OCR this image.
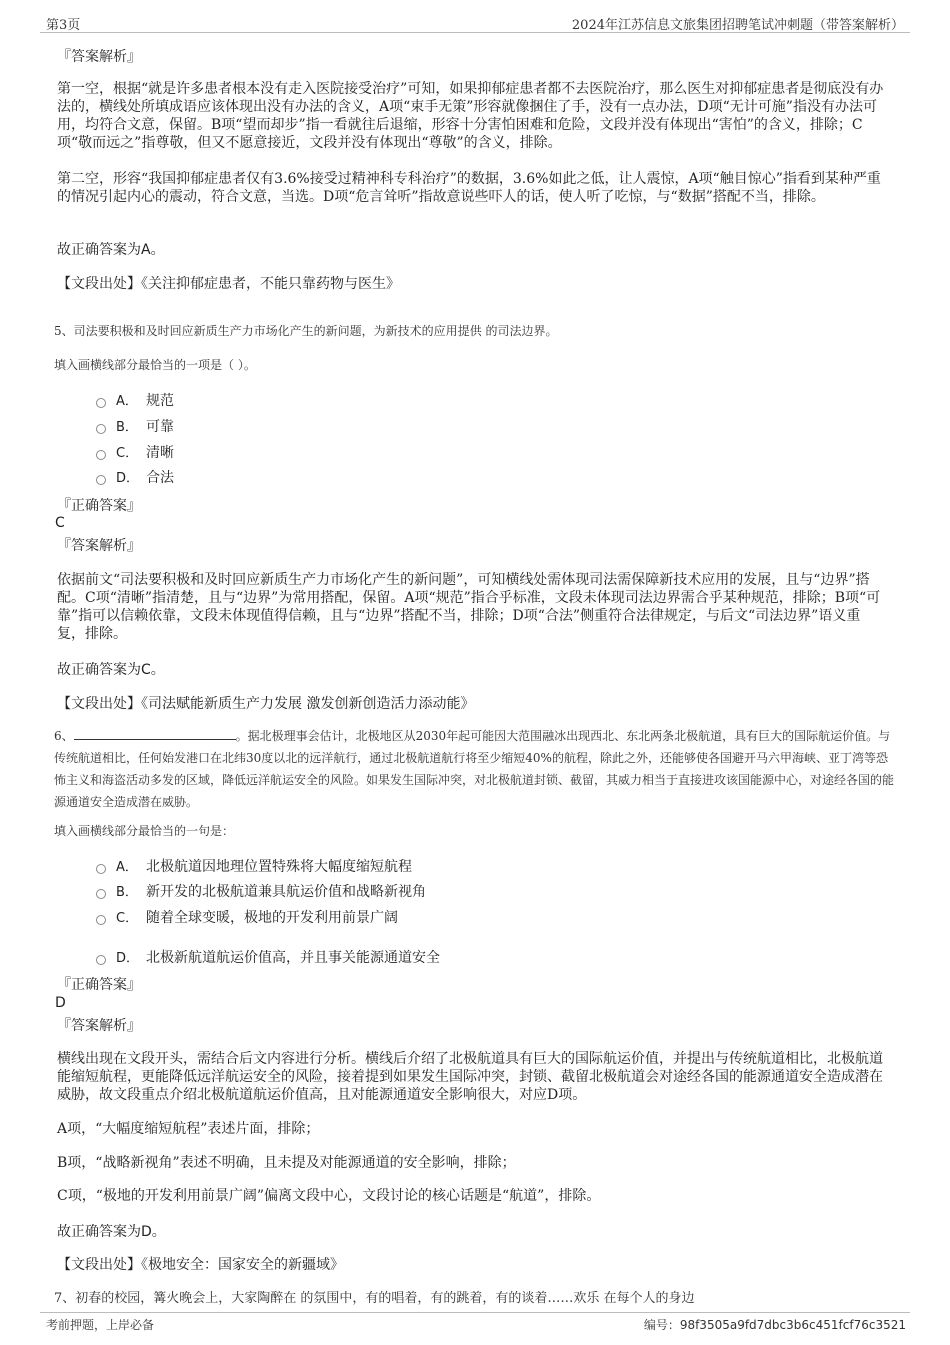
第3页	2024年江苏信息文旅集团招聘笔试冲刺题（带答案解析）
『答案解析』
第一空，根据“就是许多患者根本没有走入医院接受治疗”可知，如果抑郁症患者都不去医院治疗，那么医生对抑郁症患者是彻底没有办法的，横线处所填成语应该体现出没有办法的含义，A项“束手无策”形容就像捆住了手，没有一点办法，D项“无计可施”指没有办法可用，均符合文意，保留。B项“望而却步”指一看就往后退缩，形容十分害怕困难和危险，文段并没有体现出“害怕”的含义，排除；C项“敬而远之”指尊敬，但又不愿意接近，文段并没有体现出“尊敬”的含义，排除。
第二空，形容“我国抑郁症患者仅有3.6%接受过精神科专科治疗”的数据，3.6%如此之低，让人震惊，A项“触目惊心”指看到某种严重的情况引起内心的震动，符合文意，当选。D项“危言耸听”指故意说些吓人的话，使人听了吃惊，与“数据”搭配不当，排除。
故正确答案为A。
【文段出处】《关注抑郁症患者，不能只靠药物与医生》
5、司法要积极和及时回应新质生产力市场化产生的新问题，为新技术的应用提供 的司法边界。
填入画横线部分最恰当的一项是（ ）。
A． 规范
B． 可靠
C． 清晰
D． 合法
『正确答案』
C
『答案解析』
依据前文“司法要积极和及时回应新质生产力市场化产生的新问题”，可知横线处需体现司法需保障新技术应用的发展，且与“边界”搭配。C项“清晰”指清楚，且与“边界”为常用搭配，保留。A项“规范”指合乎标准，文段未体现司法边界需合乎某种规范，排除；B项“可靠”指可以信赖依靠，文段未体现值得信赖，且与“边界”搭配不当，排除；D项“合法”侧重符合法律规定，与后文“司法边界”语义重复，排除。
故正确答案为C。
【文段出处】《司法赋能新质生产力发展 激发创新创造活力添动能》
6、	。据北极理事会估计，北极地区从2030年起可能因大范围融冰出现西北、东北两条北极航道，具有巨大的国际航运价值。与传统航道相比，任何始发港口在北纬30度以北的远洋航行，通过北极航道航行将至少缩短40%的航程，除此之外，还能够使各国避开马六甲海峡、亚丁湾等恐怖主义和海盗活动多发的区域，降低远洋航运安全的风险。如果发生国际冲突，对北极航道封锁、截留，其威力相当于直接进攻该国能源中心，对途经各国的能源通道安全造成潜在威胁。
填入画横线部分最恰当的一句是：
A． 北极航道因地理位置特殊将大幅度缩短航程
B． 新开发的北极航道兼具航运价值和战略新视角
C． 随着全球变暖，极地的开发利用前景广阔
D． 北极新航道航运价值高，并且事关能源通道安全
『正确答案』
D
『答案解析』
横线出现在文段开头，需结合后文内容进行分析。横线后介绍了北极航道具有巨大的国际航运价值，并提出与传统航道相比，北极航道能缩短航程，更能降低远洋航运安全的风险，接着提到如果发生国际冲突，封锁、截留北极航道会对途经各国的能源通道安全造成潜在威胁，故文段重点介绍北极航道航运价值高，且对能源通道安全影响很大，对应D项。
A项，“大幅度缩短航程”表述片面，排除；
B项，“战略新视角”表述不明确，且未提及对能源通道的安全影响，排除；
C项，“极地的开发利用前景广阔”偏离文段中心，文段讨论的核心话题是“航道”，排除。
故正确答案为D。
【文段出处】《极地安全：国家安全的新疆域》
7、初春的校园，篝火晚会上，大家陶醉在 的氛围中，有的唱着，有的跳着，有的谈着……欢乐 在每个人的身边
考前押题，上岸必备	编号：98f3505a9fd7dbc3b6c451fcf76c3521
